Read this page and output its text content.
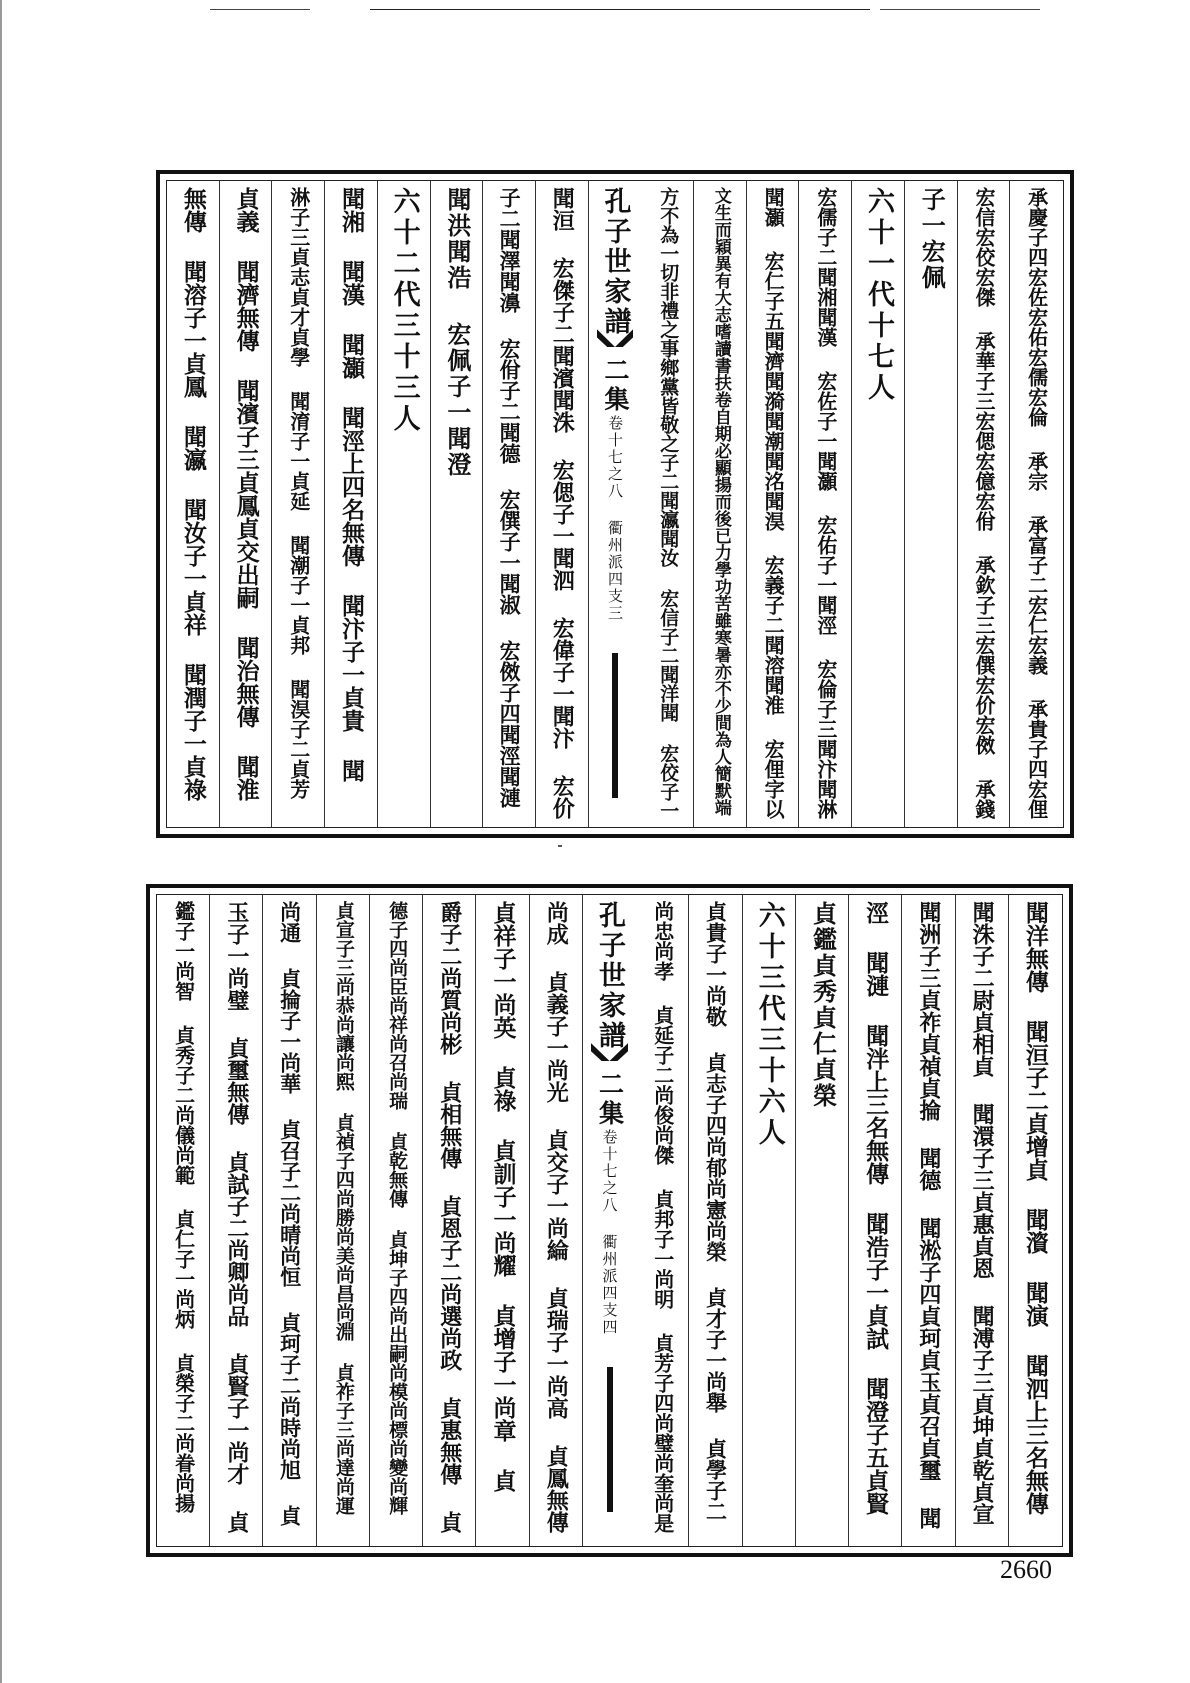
承慶子四宏佐宏佑宏儒宏倫 承宗 承富子二宏仁宏義 承貴子四宏俚
宏信宏佼宏傑 承華子三宏偲宏億宏佾 承欽子三宏僎宏价宏傚 承錢
子一宏佩
六十一代十七人
宏儒子二聞湘聞漢 宏佐子一聞灝 宏佑子一聞涇 宏倫子三聞汴聞淋
聞灝 宏仁子五聞濟聞漪聞潮聞洺聞淏 宏義子二聞溶聞淮 宏俚字以
文生而穎異有大志嗜讀書扶卷自期必顯揚而後已力學功苦雖寒暑亦不少間為人簡默端
方不為一切非禮之事鄉黨皆敬之子二聞瀛聞汝 宏信子二聞洋聞 宏佼子一
孔子世家譜
二集卷十七之八 衢州派四支三
聞洹 宏傑子二聞濱聞洙 宏偲子一聞泗 宏偉子一聞汴 宏价
子二聞澤聞濞 宏佾子二聞德 宏僎子一聞淑 宏傚子四聞涇聞漣
聞洪聞浩 宏佩子一聞澄
六十二代三十三人
聞湘 聞漢 聞灝 聞涇上四名無傳 聞汴子一貞貴 聞
淋子三貞志貞才貞學 聞淯子一貞延 聞潮子一貞邦 聞淏子二貞芳
貞義 聞濟無傳 聞濱子三貞鳳貞交出嗣 聞治無傳 聞淮
無傳 聞溶子一貞鳳 聞瀛 聞汝子一貞祥 聞潤子一貞祿
聞洋無傳 聞洹子二貞增貞 聞澬 聞演 聞泗上三名無傳
聞洙子二尉貞相貞 聞澴子三貞惠貞恩 聞溥子三貞坤貞乾貞宣
聞洲子三貞祚貞禎貞掄 聞德 聞淞子四貞珂貞玉貞召貞璽 聞
涇 聞漣 聞泮上三名無傳 聞浩子一貞試 聞澄子五貞賢
貞鑑貞秀貞仁貞榮
六十三代三十六人
貞貴子一尚敬 貞志子四尚郁尚憲尚榮 貞才子一尚舉 貞學子二
尚忠尚孝 貞延子二尚俊尚傑 貞邦子一尚明 貞芳子四尚璧尚奎尚是
孔子世家譜
二集卷十七之八 衢州派四支四
尚成 貞義子一尚光 貞交子一尚綸 貞瑞子一尚高 貞鳳無傳
貞祥子一尚英 貞祿 貞訓子一尚耀 貞增子一尚章 貞
爵子二尚質尚彬 貞相無傳 貞恩子二尚選尚政 貞惠無傳 貞
德子四尚臣尚祥尚召尚瑞 貞乾無傳 貞坤子四尚出嗣尚模尚標尚變尚輝
貞宣子三尚恭尚讓尚熙 貞禎子四尚勝尚美尚昌尚淵 貞祚子三尚達尚運
尚通 貞掄子一尚華 貞召子二尚晴尚恒 貞珂子二尚時尚旭 貞
玉子一尚璧 貞璽無傳 貞試子二尚卿尚品 貞賢子一尚才 貞
鑑子一尚智 貞秀子二尚儀尚範 貞仁子一尚炳 貞榮子二尚眷尚揚
2660
